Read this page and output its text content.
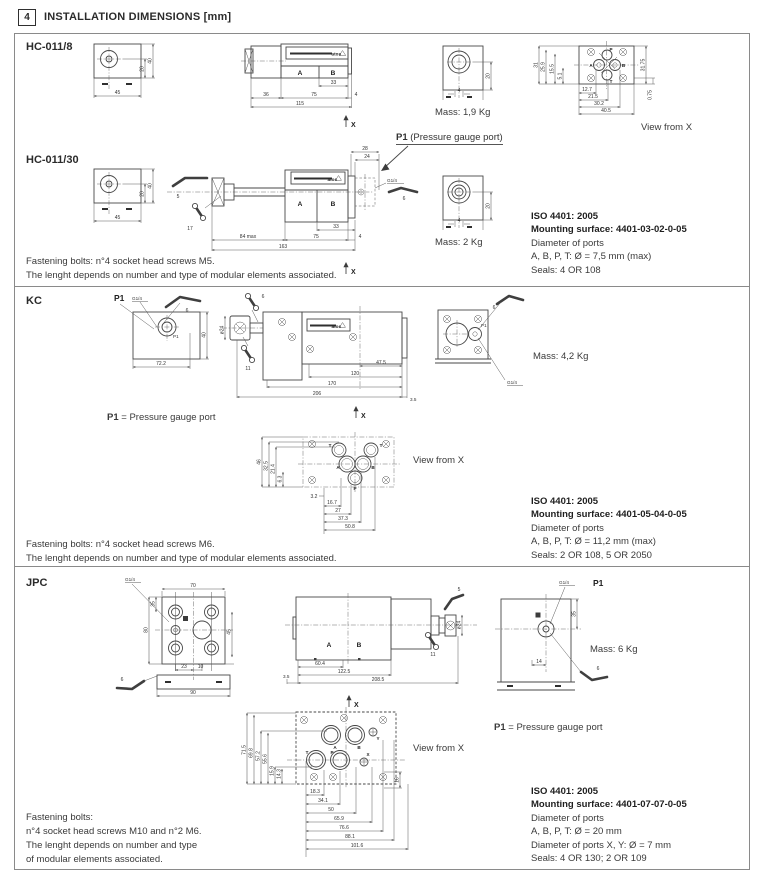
4	INSTALLATION DIMENSIONS [mm]
HC-011/8
45
40
20
atos
A	B
33
36	75	4
115
X
20
4
Mass: 1,9 Kg
P
A	B
T
31 25.9 15.5
5.1
12.7
21.5
30.2
40.5
31.75
0.75
View from X
P1 (Pressure gauge port)
HC-011/30
45
40
20	5
17
atos
A	B
28
24
G1/4
6
84 max	75
33
4
163
X
20
4
Mass: 2 Kg
ISO 4401: 2005
Mounting surface: 4401-03-02-0-05
Diameter of ports
A, B, P, T: Ø = 7,5 mm (max)
Seals: 4 OR 108
Fastening bolts: n°4 socket head screws M5.
The lenght depends on number and type of modular elements associated.
KC	P1 G1/4
6
P1
72.2
40
6
ø24
11
atos
47.5
120
170
206
3.5
X
6
P1
G1/4
Mass: 4,2 Kg
P1 = Pressure gauge port
T	T
A	B
P
46 32.5 21.4
6.3
3.2
16.7
27
37.3
50.8
View from X
ISO 4401: 2005
Mounting surface: 4401-05-04-0-05
Diameter of ports
A, B, P, T: Ø = 11,2 mm (max)
Seals: 2 OR 108, 5 OR 2050
Fastening bolts: n°4 socket head screws M6.
The lenght depends on number and type of modular elements associated.
JPC	G1/4
70
35
80	45
23 10
90
6
A	B
ø24
5
11
60.4
122.5
208.5
3.5
X
G1/4	P1
35
14
6
Mass: 6 Kg
P1 = Pressure gauge port
A	B
T	P	X
Y
71.5 69.8 57.2 55.6
15.9 14.3
16
18.3
34.1
50
65.9
76.6
88.1
101.6
View from X
ISO 4401: 2005
Mounting surface: 4401-07-07-0-05
Diameter of ports
A, B, P, T: Ø = 20 mm
Diameter of ports X, Y: Ø = 7 mm
Seals: 4 OR 130; 2 OR 109
Fastening bolts:
n°4 socket head screws M10 and n°2 M6.
The lenght depends on number and type
of modular elements associated.
